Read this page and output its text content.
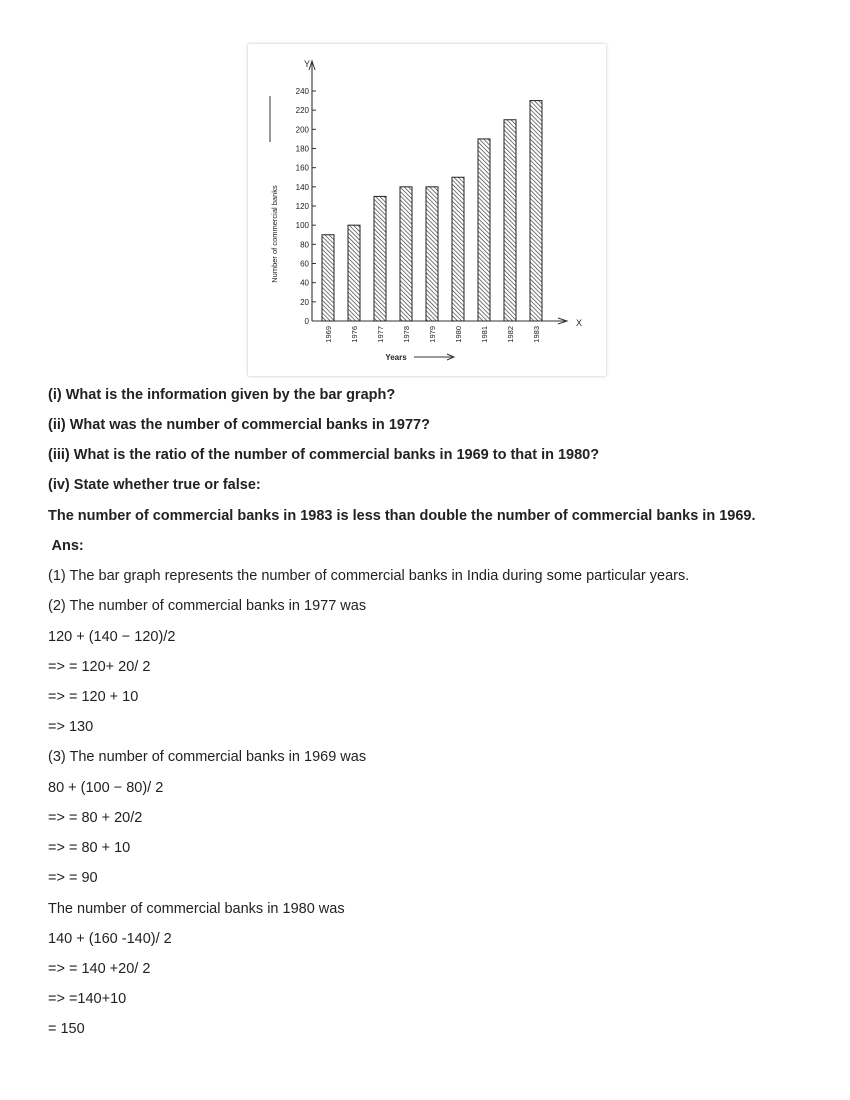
Y
X
0
20
40
60
80
100
120
140
160
180
200
220
240
Number of commercial banks
1969 1976 1977 1978 1979 1980 1981 1982 1983
Years
(i) What is the information given by the bar graph?
(ii) What was the number of commercial banks in 1977?
(iii) What is the ratio of the number of commercial banks in 1969 to that in 1980?
(iv) State whether true or false:
The number of commercial banks in 1983 is less than double the number of commercial banks in 1969.
Ans:
(1) The bar graph represents the number of commercial banks in India during some particular years.
(2) The number of commercial banks in 1977 was
120 + (140 − 120)/2
=> = 120+ 20/ 2
=> = 120 + 10
=> 130
(3) The number of commercial banks in 1969 was
80 + (100 − 80)/ 2
=> = 80 + 20/2
=> = 80 + 10
=> = 90
The number of commercial banks in 1980 was
140 + (160 -140)/ 2
=> = 140 +20/ 2
=> =140+10
= 150
